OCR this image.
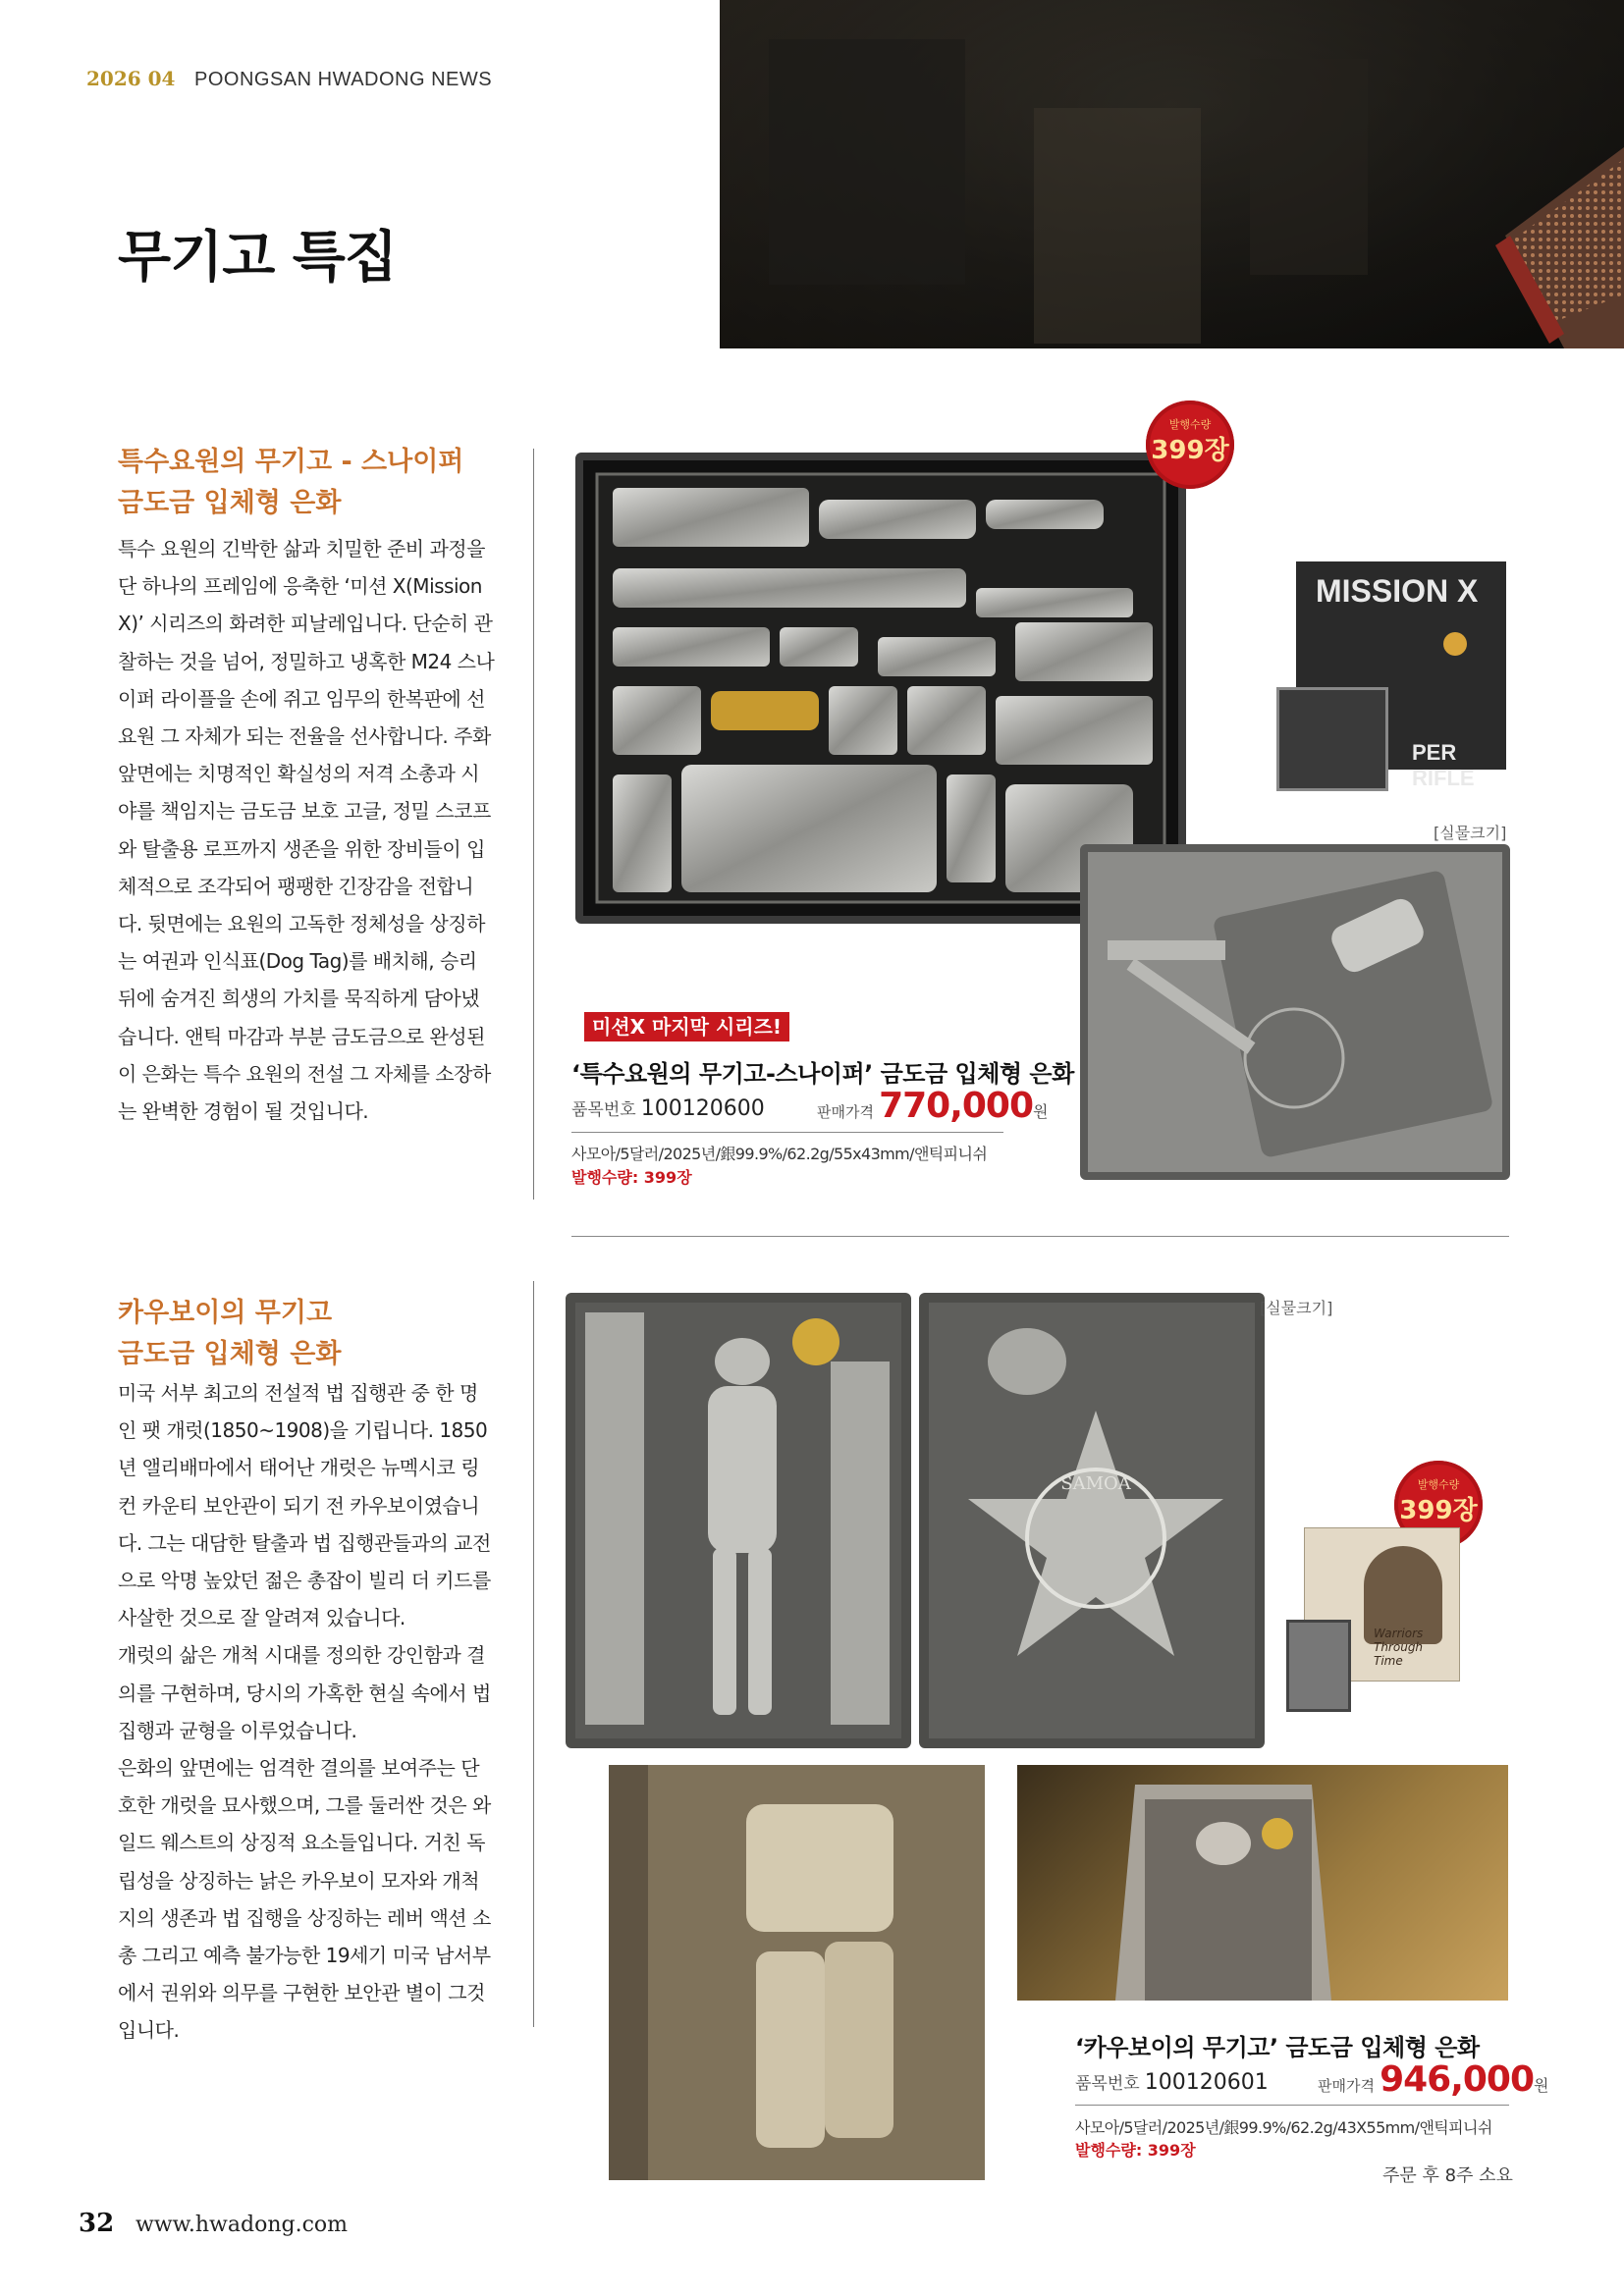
2026 04 POONGSAN HWADONG NEWS
무기고 특집
특수요원의 무기고 - 스나이퍼
금도금 입체형 은화

특수 요원의 긴박한 삶과 치밀한 준비 과정을

단 하나의 프레임에 응축한 ‘미션 X(Mission

X)’ 시리즈의 화려한 피날레입니다. 단순히 관

찰하는 것을 넘어, 정밀하고 냉혹한 M24 스나

이퍼 라이플을 손에 쥐고 임무의 한복판에 선

요원 그 자체가 되는 전율을 선사합니다. 주화

앞면에는 치명적인 확실성의 저격 소총과 시

야를 책임지는 금도금 보호 고글, 정밀 스코프

와 탈출용 로프까지 생존을 위한 장비들이 입

체적으로 조각되어 팽팽한 긴장감을 전합니

다. 뒷면에는 요원의 고독한 정체성을 상징하

는 여권과 인식표(Dog Tag)를 배치해, 승리

뒤에 숨겨진 희생의 가치를 묵직하게 담아냈

습니다. 앤틱 마감과 부분 금도금으로 완성된

이 은화는 특수 요원의 전설 그 자체를 소장하

는 완벽한 경험이 될 것입니다.

발행수량
399장
MISSION X
PER RIFLE
[실물크기]
미션X 마지막 시리즈!
‘특수요원의 무기고-스나이퍼’ 금도금 입체형 은화
품목번호 100120600	판매가격 770,000원
사모아/5달러/2025년/銀99.9%/62.2g/55x43mm/앤틱피니쉬
발행수량: 399장
카우보이의 무기고
금도금 입체형 은화

미국 서부 최고의 전설적 법 집행관 중 한 명

인 팻 개럿(1850~1908)을 기립니다. 1850

년 앨리배마에서 태어난 개럿은 뉴멕시코 링

컨 카운티 보안관이 되기 전 카우보이였습니

다. 그는 대담한 탈출과 법 집행관들과의 교전

으로 악명 높았던 젊은 총잡이 빌리 더 키드를

사살한 것으로 잘 알려져 있습니다.

개럿의 삶은 개척 시대를 정의한 강인함과 결

의를 구현하며, 당시의 가혹한 현실 속에서 법

집행과 균형을 이루었습니다.

은화의 앞면에는 엄격한 결의를 보여주는 단

호한 개럿을 묘사했으며, 그를 둘러싼 것은 와

일드 웨스트의 상징적 요소들입니다. 거친 독

립성을 상징하는 낡은 카우보이 모자와 개척

지의 생존과 법 집행을 상징하는 레버 액션 소

총 그리고 예측 불가능한 19세기 미국 남서부

에서 권위와 의무를 구현한 보안관 별이 그것

입니다.

SAMOA
[실물크기]
발행수량
399장
Warriors Through Time
‘카우보이의 무기고’ 금도금 입체형 은화
품목번호 100120601	판매가격 946,000원
사모아/5달러/2025년/銀99.9%/62.2g/43X55mm/앤틱피니쉬
발행수량: 399장
주문 후 8주 소요
32 www.hwadong.com
